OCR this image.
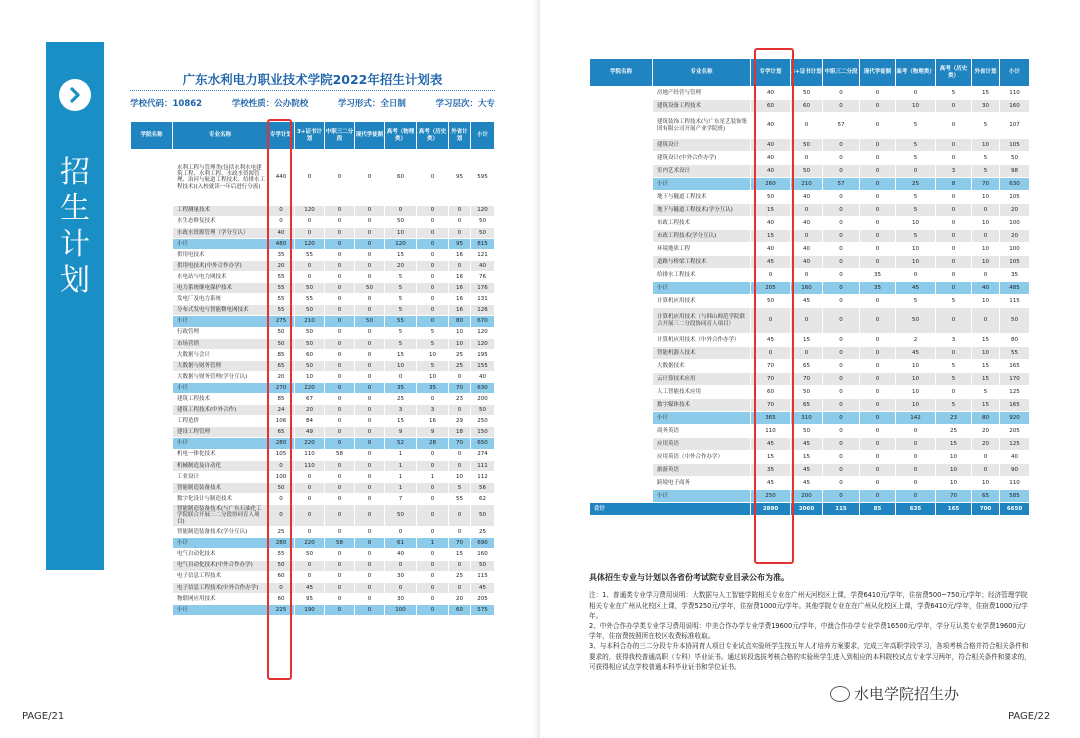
招生计划
广东水利电力职业技术学院2022年招生计划表
学校代码：10862	学校性质：公办院校	学习形式：全日制	学习层次：大专
学院名称	专业名称	专学计划	3+证书计划	中职三二分段	现代学徒制	高考（物理类）	高考（历史类）	外省计划	小计
水利工程学院	水利工程与管理类(包括水利水电建筑工程、水利工程、水政水资源管理、治河与航道工程技术、给排水工程技术)(入校就读一年后进行分流)	440	0	0	0	60	0	95	595
	工程测量技术	0	120	0	0	0	0	0	120
	水生态修复技术	0	0	0	0	50	0	0	50
	水政水资源管理（学分互认）	40	0	0	0	10	0	0	50
	小计	480	120	0	0	120	0	95	815
电力工程学院	供用电技术	35	55	0	0	15	0	16	121
	供用电技术(中外合作办学)	20	0	0	0	20	0	0	40
	水电站与电力网技术	55	0	0	0	5	0	16	76
	电力系统继电保护技术	55	50	0	50	5	0	16	176
	发电厂及电力系统	55	55	0	0	5	0	16	131
	分布式发电与智能微电网技术	55	50	0	0	5	0	16	126
	小计	275	210	0	50	55	0	80	670
经济管理学院	行政管理	50	50	0	0	5	5	10	120
	市场营销	50	50	0	0	5	5	10	120
	大数据与会计	85	60	0	0	15	10	25	195
	大数据与财务管理	65	50	0	0	10	5	25	155
	大数据与财务管理(学分互认)	20	10	0	0	0	10	0	40
	小计	270	220	0	0	35	35	70	630
土木工程学院	建筑工程技术	85	67	0	0	25	0	23	200
	建筑工程技术(中外合作)	24	20	0	0	3	3	0	50
	工程造价	106	84	0	0	15	16	29	250
	建设工程管理	65	49	0	0	9	9	18	150
	小计	280	220	0	0	52	28	70	650
智能制造学院	机电一体化技术	105	110	58	0	1	0	0	274
	机械制造及自动化	0	110	0	0	1	0	0	111
	工业设计	100	0	0	0	1	1	10	112
	智能制造装备技术	50	0	0	0	1	0	5	56
	数字化设计与制造技术	0	0	0	0	7	0	55	62
	智能制造装备技术(与广东石油化工学院联合开展三二分段协同育人项目)	0	0	0	0	50	0	0	50
	智能制造装备技术(学分互认)	25	0	0	0	0	0	0	25
	小计	280	220	58	0	61	1	70	690
自动化与信息技术学院	电气自动化技术	55	50	0	0	40	0	15	160
	电气自动化技术(中外合作办学)	50	0	0	0	0	0	0	50
	电子信息工程技术	60	0	0	0	30	0	25	115
	电子信息工程技术(中外合作办学)	0	45	0	0	0	0	0	45
	物联网应用技术	60	95	0	0	30	0	20	205
	小计	225	190	0	0	100	0	60	575
PAGE/21	PAGE/22
学院名称	专业名称	专学计划	3+证书计划	中职三二分段	现代学徒制	高考（物理类）	高考（历史类）	外省计划	小计
建筑环境与设计学院	房地产经营与管理	40	50	0	0	0	5	15	110
	建筑设备工程技术	60	60	0	0	10	0	30	160
	建筑装饰工程技术(与广东星艺装饰集团有限公司开展产业学院班)	40	0	57	0	5	0	5	107
	建筑设计	40	50	0	0	5	0	10	105
	建筑设计(中外合作办学)	40	0	0	0	5	0	5	50
	室内艺术设计	40	50	0	0	0	3	5	98
	小计	260	210	57	0	25	8	70	630
市政工程学院	地下与隧道工程技术	50	40	0	0	5	0	10	105
	地下与隧道工程技术(学分互认)	15	0	0	0	5	0	0	20
	市政工程技术	40	40	0	0	10	0	10	100
	市政工程技术(学分互认)	15	0	0	0	5	0	0	20
	环境地质工程	40	40	0	0	10	0	10	100
	道路与桥梁工程技术	45	40	0	0	10	0	10	105
	给排水工程技术	0	0	0	35	0	0	0	35
	小计	205	160	0	35	45	0	40	485
大数据与人工智能学院	计算机应用技术	50	45	0	0	5	5	10	115
	计算机应用技术（与韩山师范学院联合开展三二分段协同育人项目）	0	0	0	0	50	0	0	50
	计算机应用技术（中外合作办学）	45	15	0	0	2	3	15	80
	智能机器人技术	0	0	0	0	45	0	10	55
	大数据技术	70	65	0	0	10	5	15	165
	云计算技术应用	70	70	0	0	10	5	15	170
	人工智能技术应用	60	50	0	0	10	0	5	125
	数字媒体技术	70	65	0	0	10	5	15	165
	小计	365	310	0	0	142	23	80	920
外语外贸学院	商务英语	110	50	0	0	0	25	20	205
	应用英语	45	45	0	0	0	15	20	125
	应用英语（中外合作办学）	15	15	0	0	0	10	0	40
	旅游英语	35	45	0	0	0	10	0	90
	跨境电子商务	45	45	0	0	0	10	10	110
	小计	250	200	0	0	0	70	65	585
合计		2890	2060	115	85	635	165	700	6650
具体招生专业与计划以各省份考试院专业目录公布为准。
注：1、普通类专业学习费用说明：大数据与人工智能学院相关专业在广州天河校区上课，学费6410元/学年，住宿费500~750元/学年；经济管理学院相关专业在广州从化校区上课，学费5250元/学年，住宿费1000元/学年。其他学院专业在在广州从化校区上课，学费6410元/学年，住宿费1000元/学年。
2、中外合作办学类专业学习费用说明：中美合作办学专业学费19600元/学年，中澳合作办学专业学费16500元/学年，学分互认类专业学费19600元/学年，住宿费按照所在校区收费标准收取。
3、与本科合办的三二分段专升本协同育人项目专业试点实验班学生按五年人才培养方案要求，完成三年高职学段学习，各项考核合格并符合相关条件和要求的，获得我校普通高职（专科）毕业证书。通过转段选拔考核合格的实验班学生进入到相应的本科院校试点专业学习两年，符合相关条件和要求的，可获得相应试点学校普通本科毕业证书和学位证书。
水电学院招生办
